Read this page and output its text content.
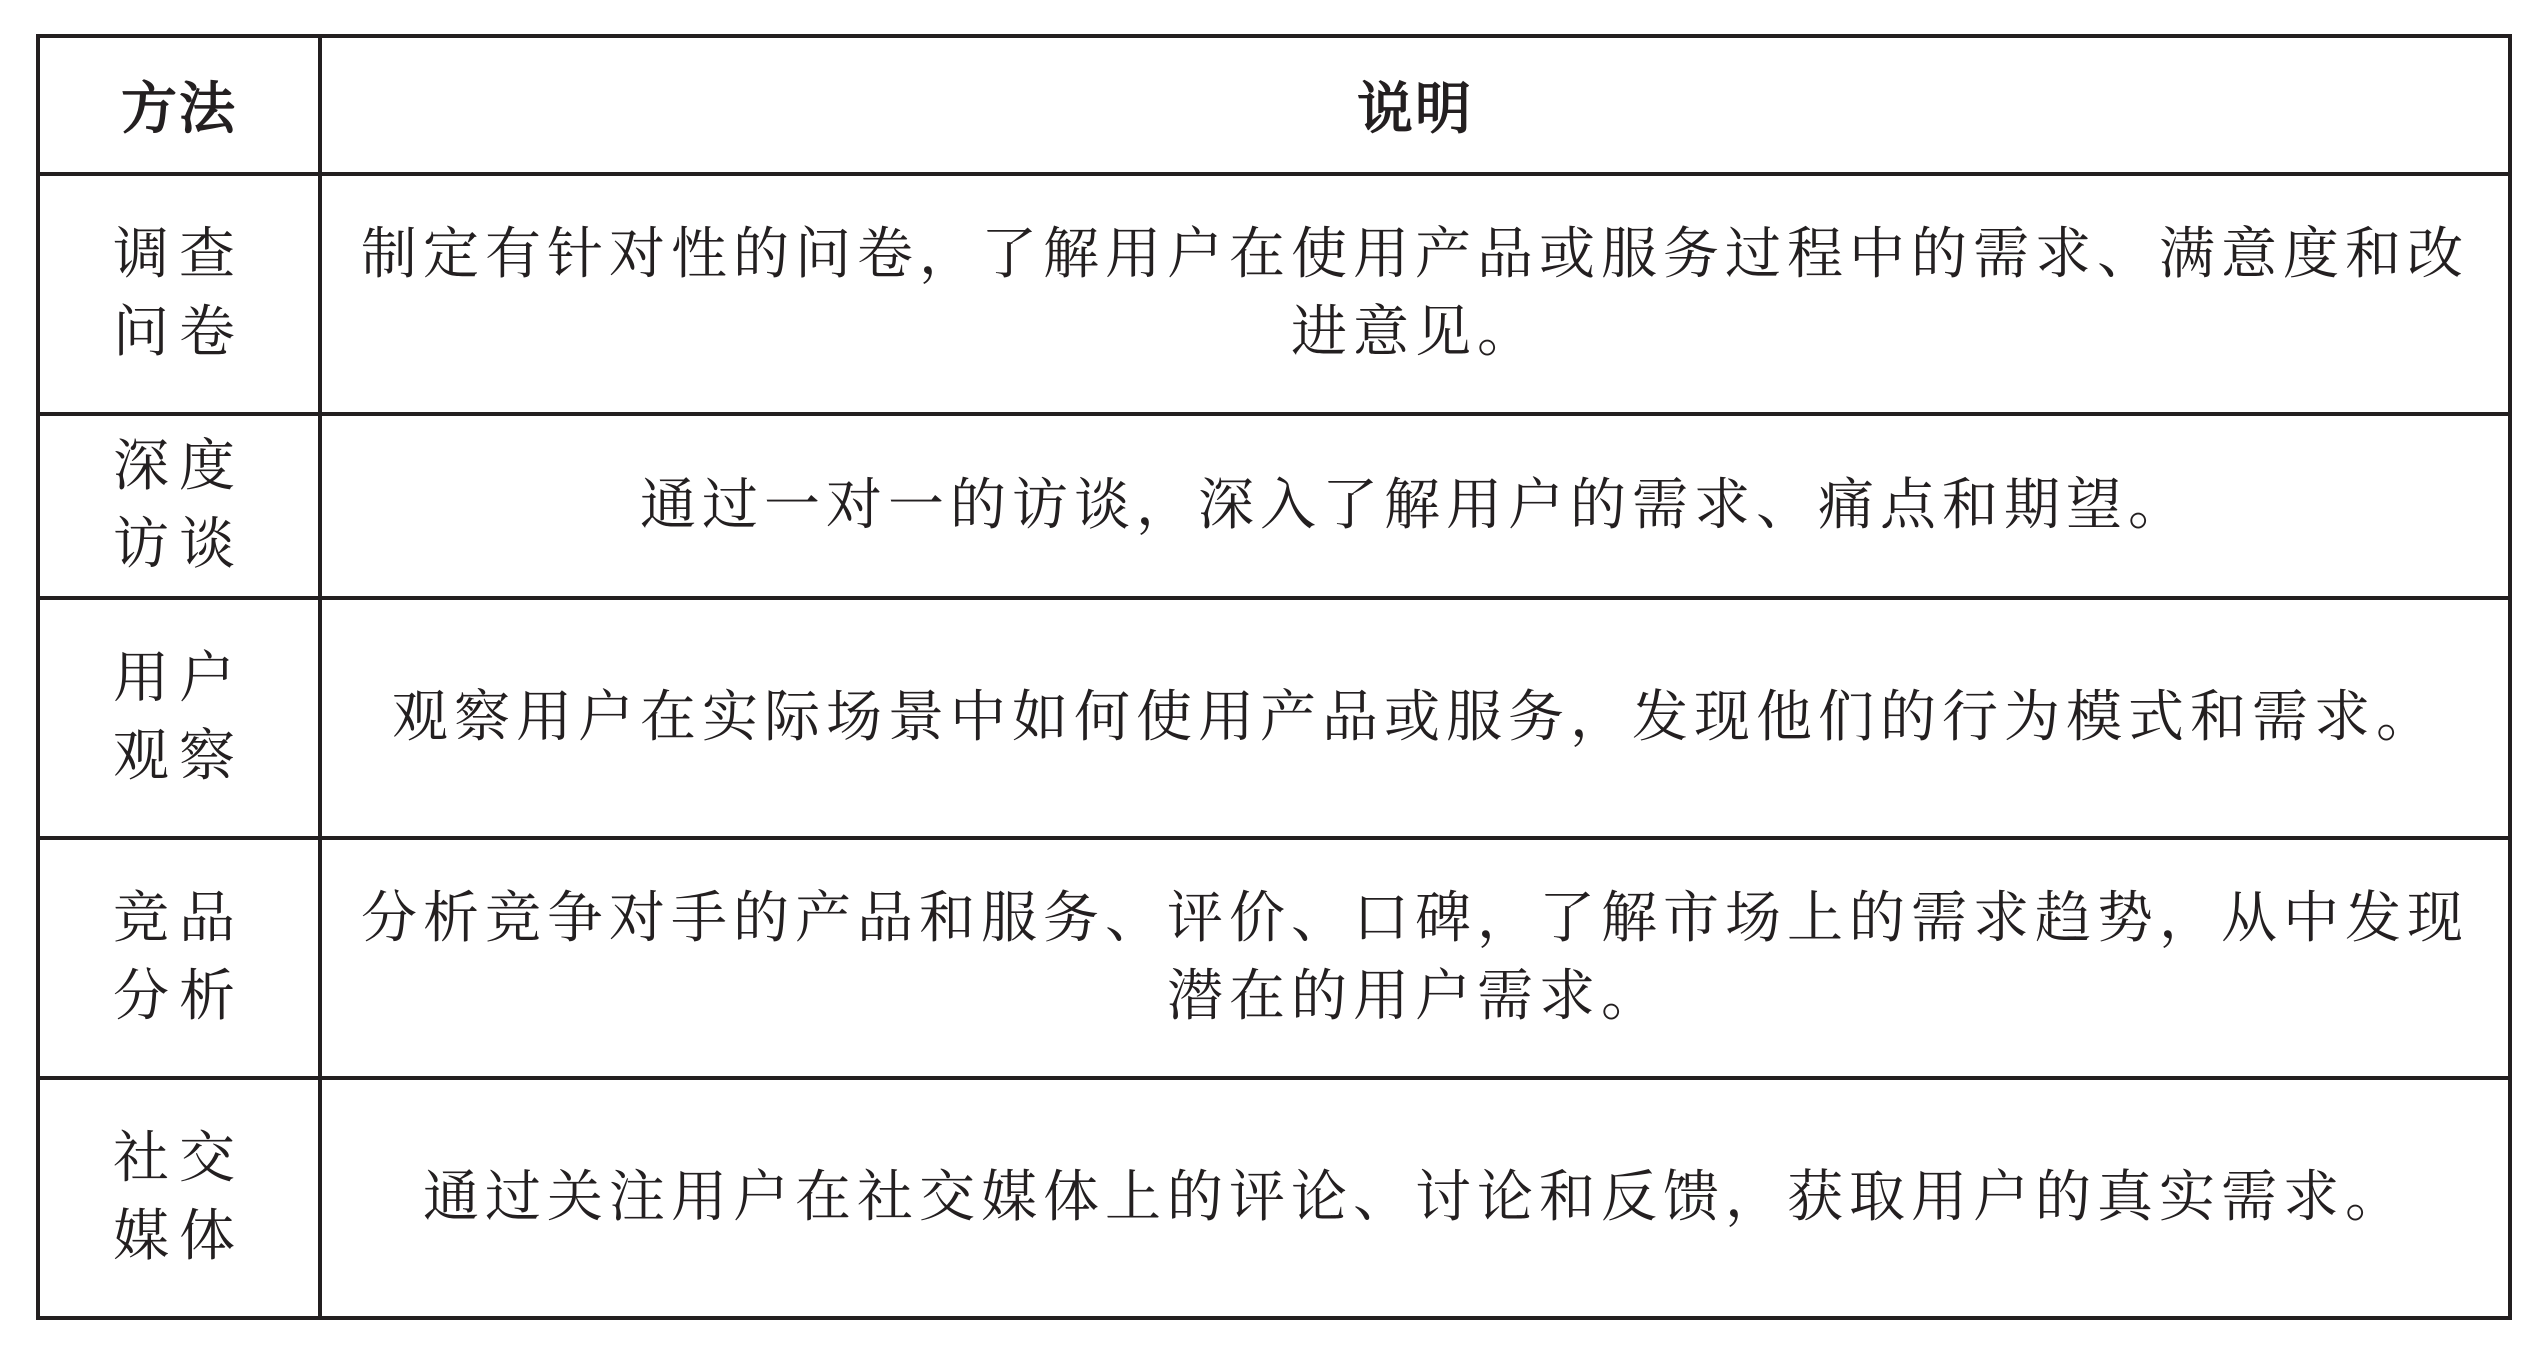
方法	说明
调查问卷	制定有针对性的问卷，了解用户在使用产品或服务过程中的需求、满意度和改进意见。
深度访谈	通过一对一的访谈，深入了解用户的需求、痛点和期望。
用户观察	观察用户在实际场景中如何使用产品或服务，发现他们的行为模式和需求。
竞品分析	分析竞争对手的产品和服务、评价、口碑，了解市场上的需求趋势，从中发现潜在的用户需求。
社交媒体	通过关注用户在社交媒体上的评论、讨论和反馈，获取用户的真实需求。
